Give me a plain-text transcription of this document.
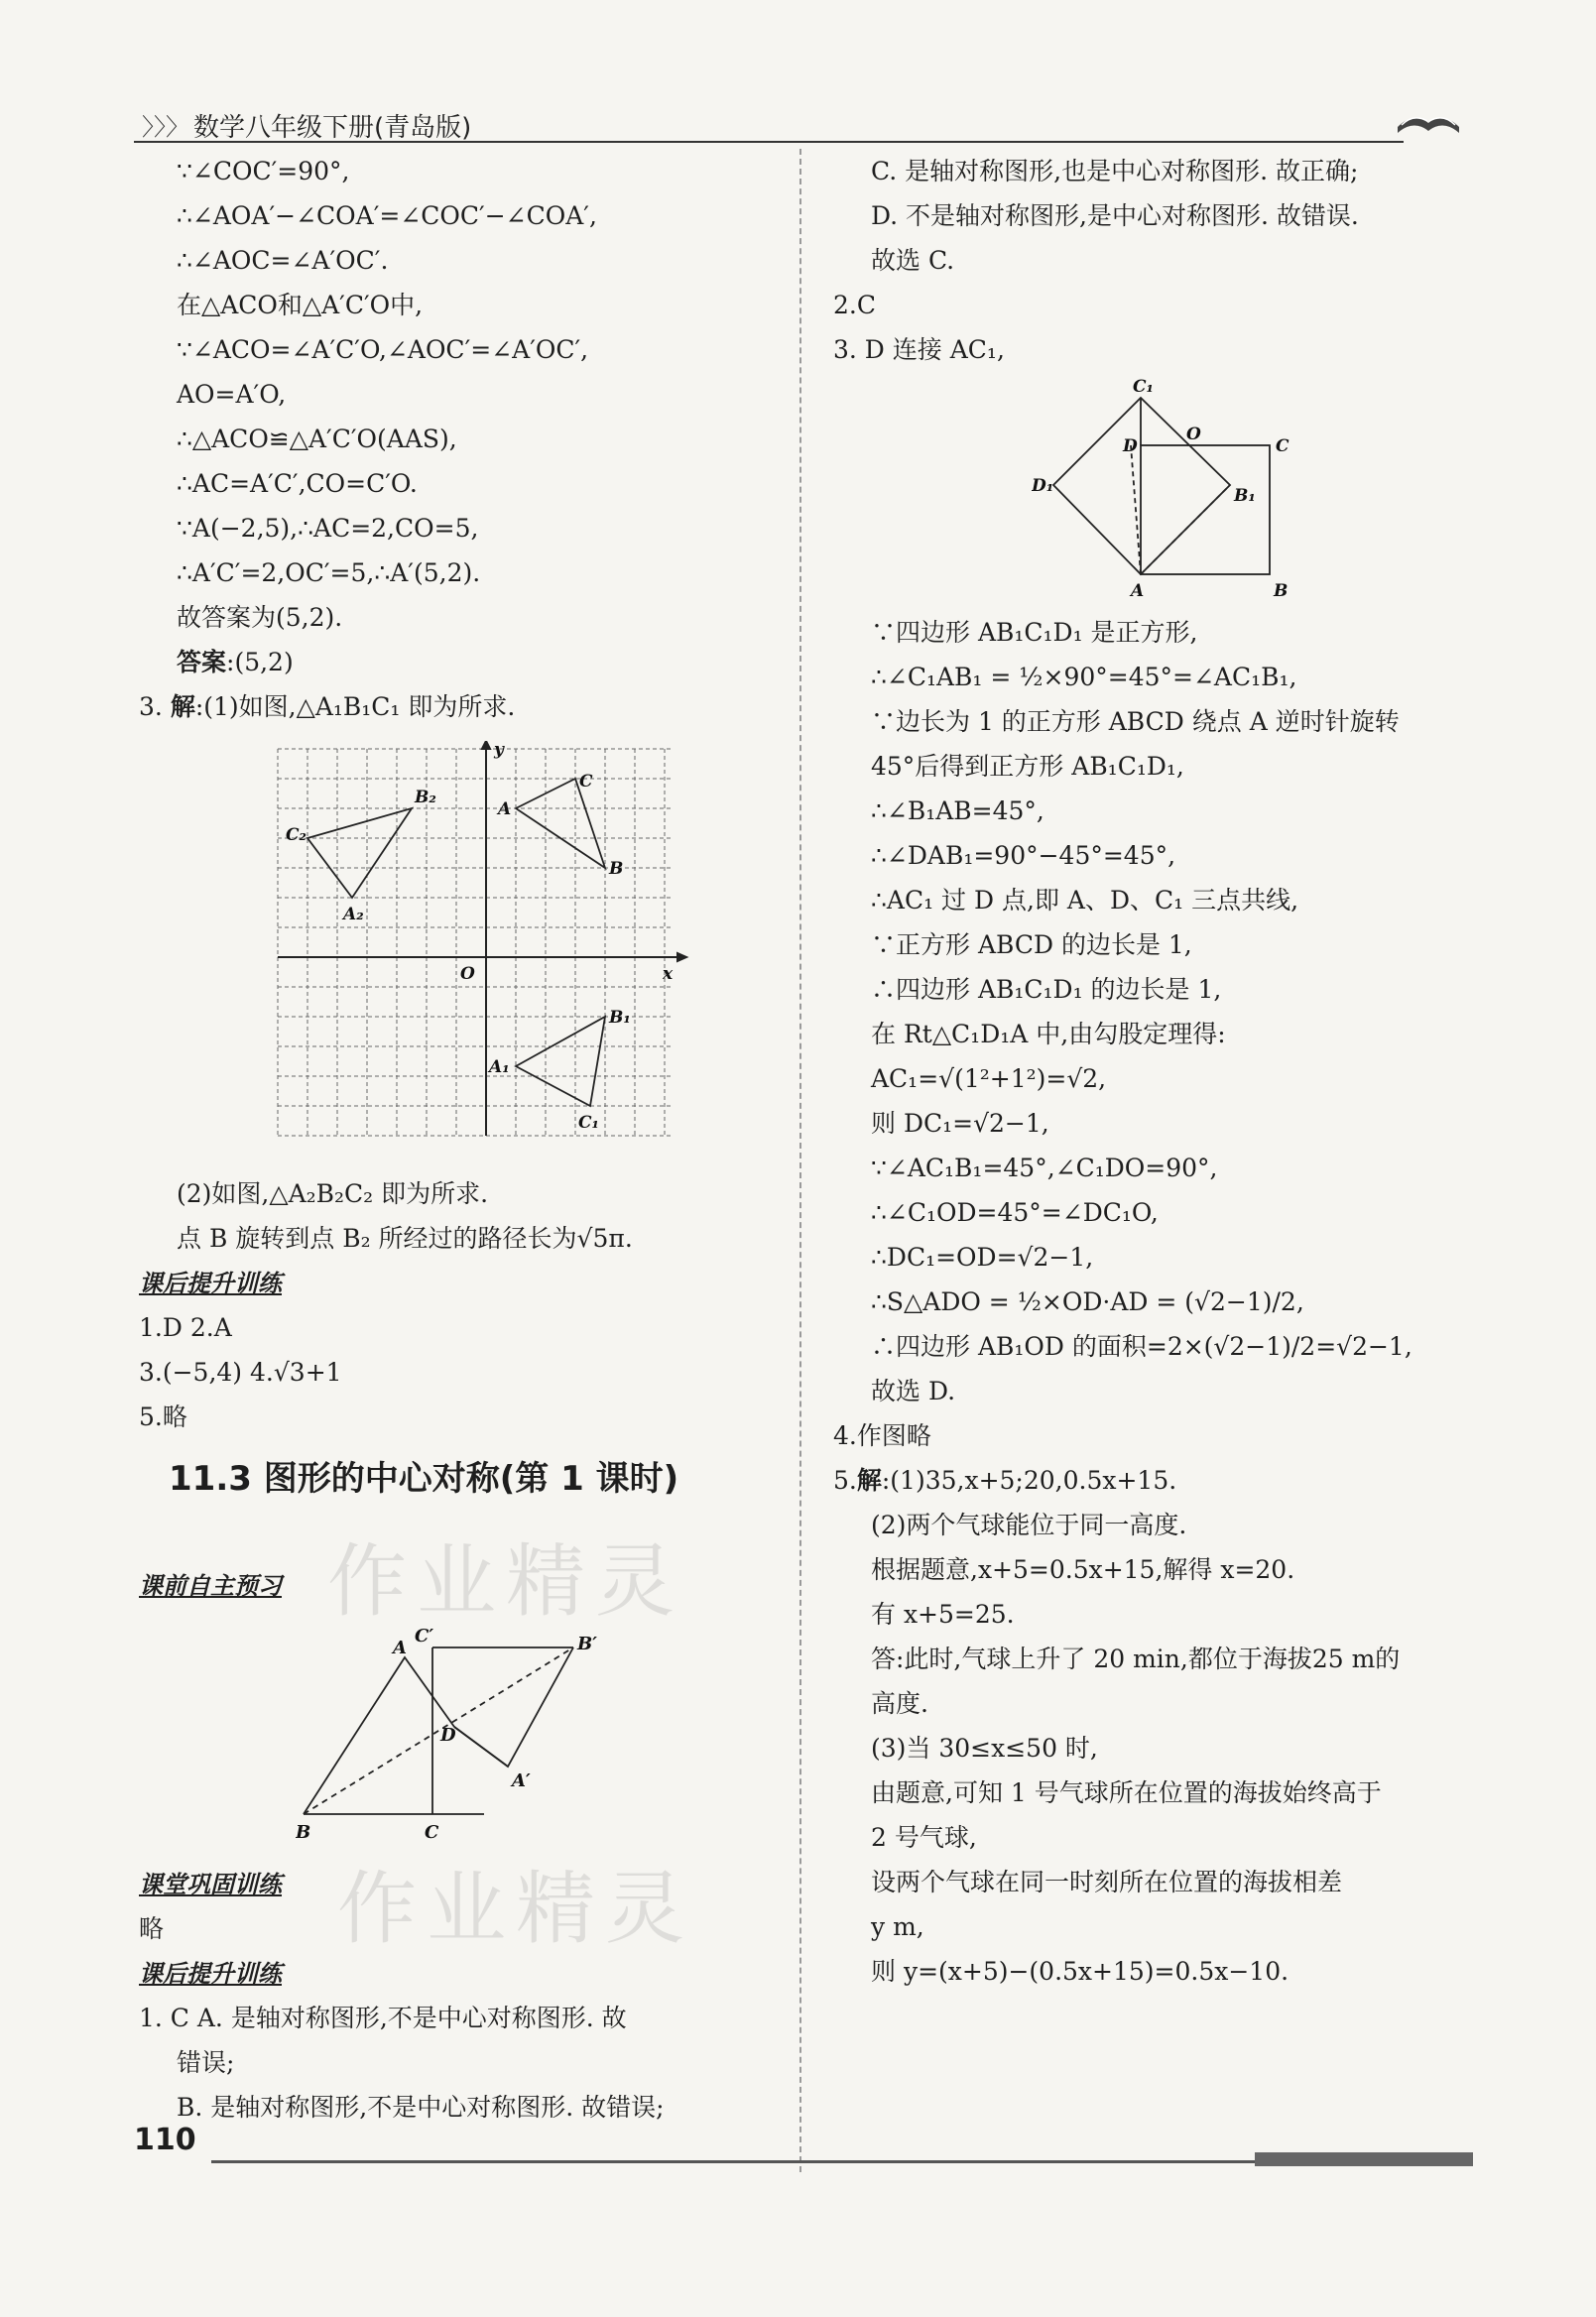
〉〉〉 数学八年级下册(青岛版)
作业精灵
作业精灵
∵∠COC′=90°,
∴∠AOA′−∠COA′=∠COC′−∠COA′,
∴∠AOC=∠A′OC′.
在△ACO和△A′C′O中,
∵∠ACO=∠A′C′O,∠AOC′=∠A′OC′,
AO=A′O,
∴△ACO≌△A′C′O(AAS),
∴AC=A′C′,CO=C′O.
∵A(−2,5),∴AC=2,CO=5,
∴A′C′=2,OC′=5,∴A′(5,2).
故答案为(5,2).
答案:(5,2)
3. 解:(1)如图,△A₁B₁C₁ 即为所求.
y
x
O
A
B
C
A₁
B₁
C₁
A₂
B₂
C₂
(2)如图,△A₂B₂C₂ 即为所求.
点 B 旋转到点 B₂ 所经过的路径长为√5π.
课后提升训练
1.D 2.A
3.(−5,4) 4.√3+1
5.略
11.3 图形的中心对称(第 1 课时)
课前自主预习
C′	B′
A
D
A′
B	C
课堂巩固训练
略
课后提升训练
1. C A. 是轴对称图形,不是中心对称图形. 故
错误;
B. 是轴对称图形,不是中心对称图形. 故错误;
C. 是轴对称图形,也是中心对称图形. 故正确;
D. 不是轴对称图形,是中心对称图形. 故错误.
故选 C.
2.C
3. D 连接 AC₁,
C₁
D
O
C
D₁	B₁
A	B
∵四边形 AB₁C₁D₁ 是正方形,
∴∠C₁AB₁ = ½×90°=45°=∠AC₁B₁,
∵边长为 1 的正方形 ABCD 绕点 A 逆时针旋转
45°后得到正方形 AB₁C₁D₁,
∴∠B₁AB=45°,
∴∠DAB₁=90°−45°=45°,
∴AC₁ 过 D 点,即 A、D、C₁ 三点共线,
∵正方形 ABCD 的边长是 1,
∴四边形 AB₁C₁D₁ 的边长是 1,
在 Rt△C₁D₁A 中,由勾股定理得:
AC₁=√(1²+1²)=√2,
则 DC₁=√2−1,
∵∠AC₁B₁=45°,∠C₁DO=90°,
∴∠C₁OD=45°=∠DC₁O,
∴DC₁=OD=√2−1,
∴S△ADO = ½×OD·AD = (√2−1)/2,
∴四边形 AB₁OD 的面积=2×(√2−1)/2=√2−1,
故选 D.
4.作图略
5.解:(1)35,x+5;20,0.5x+15.
(2)两个气球能位于同一高度.
根据题意,x+5=0.5x+15,解得 x=20.
有 x+5=25.
答:此时,气球上升了 20 min,都位于海拔25 m的
高度.
(3)当 30≤x≤50 时,
由题意,可知 1 号气球所在位置的海拔始终高于
2 号气球,
设两个气球在同一时刻所在位置的海拔相差
y m,
则 y=(x+5)−(0.5x+15)=0.5x−10.
110
